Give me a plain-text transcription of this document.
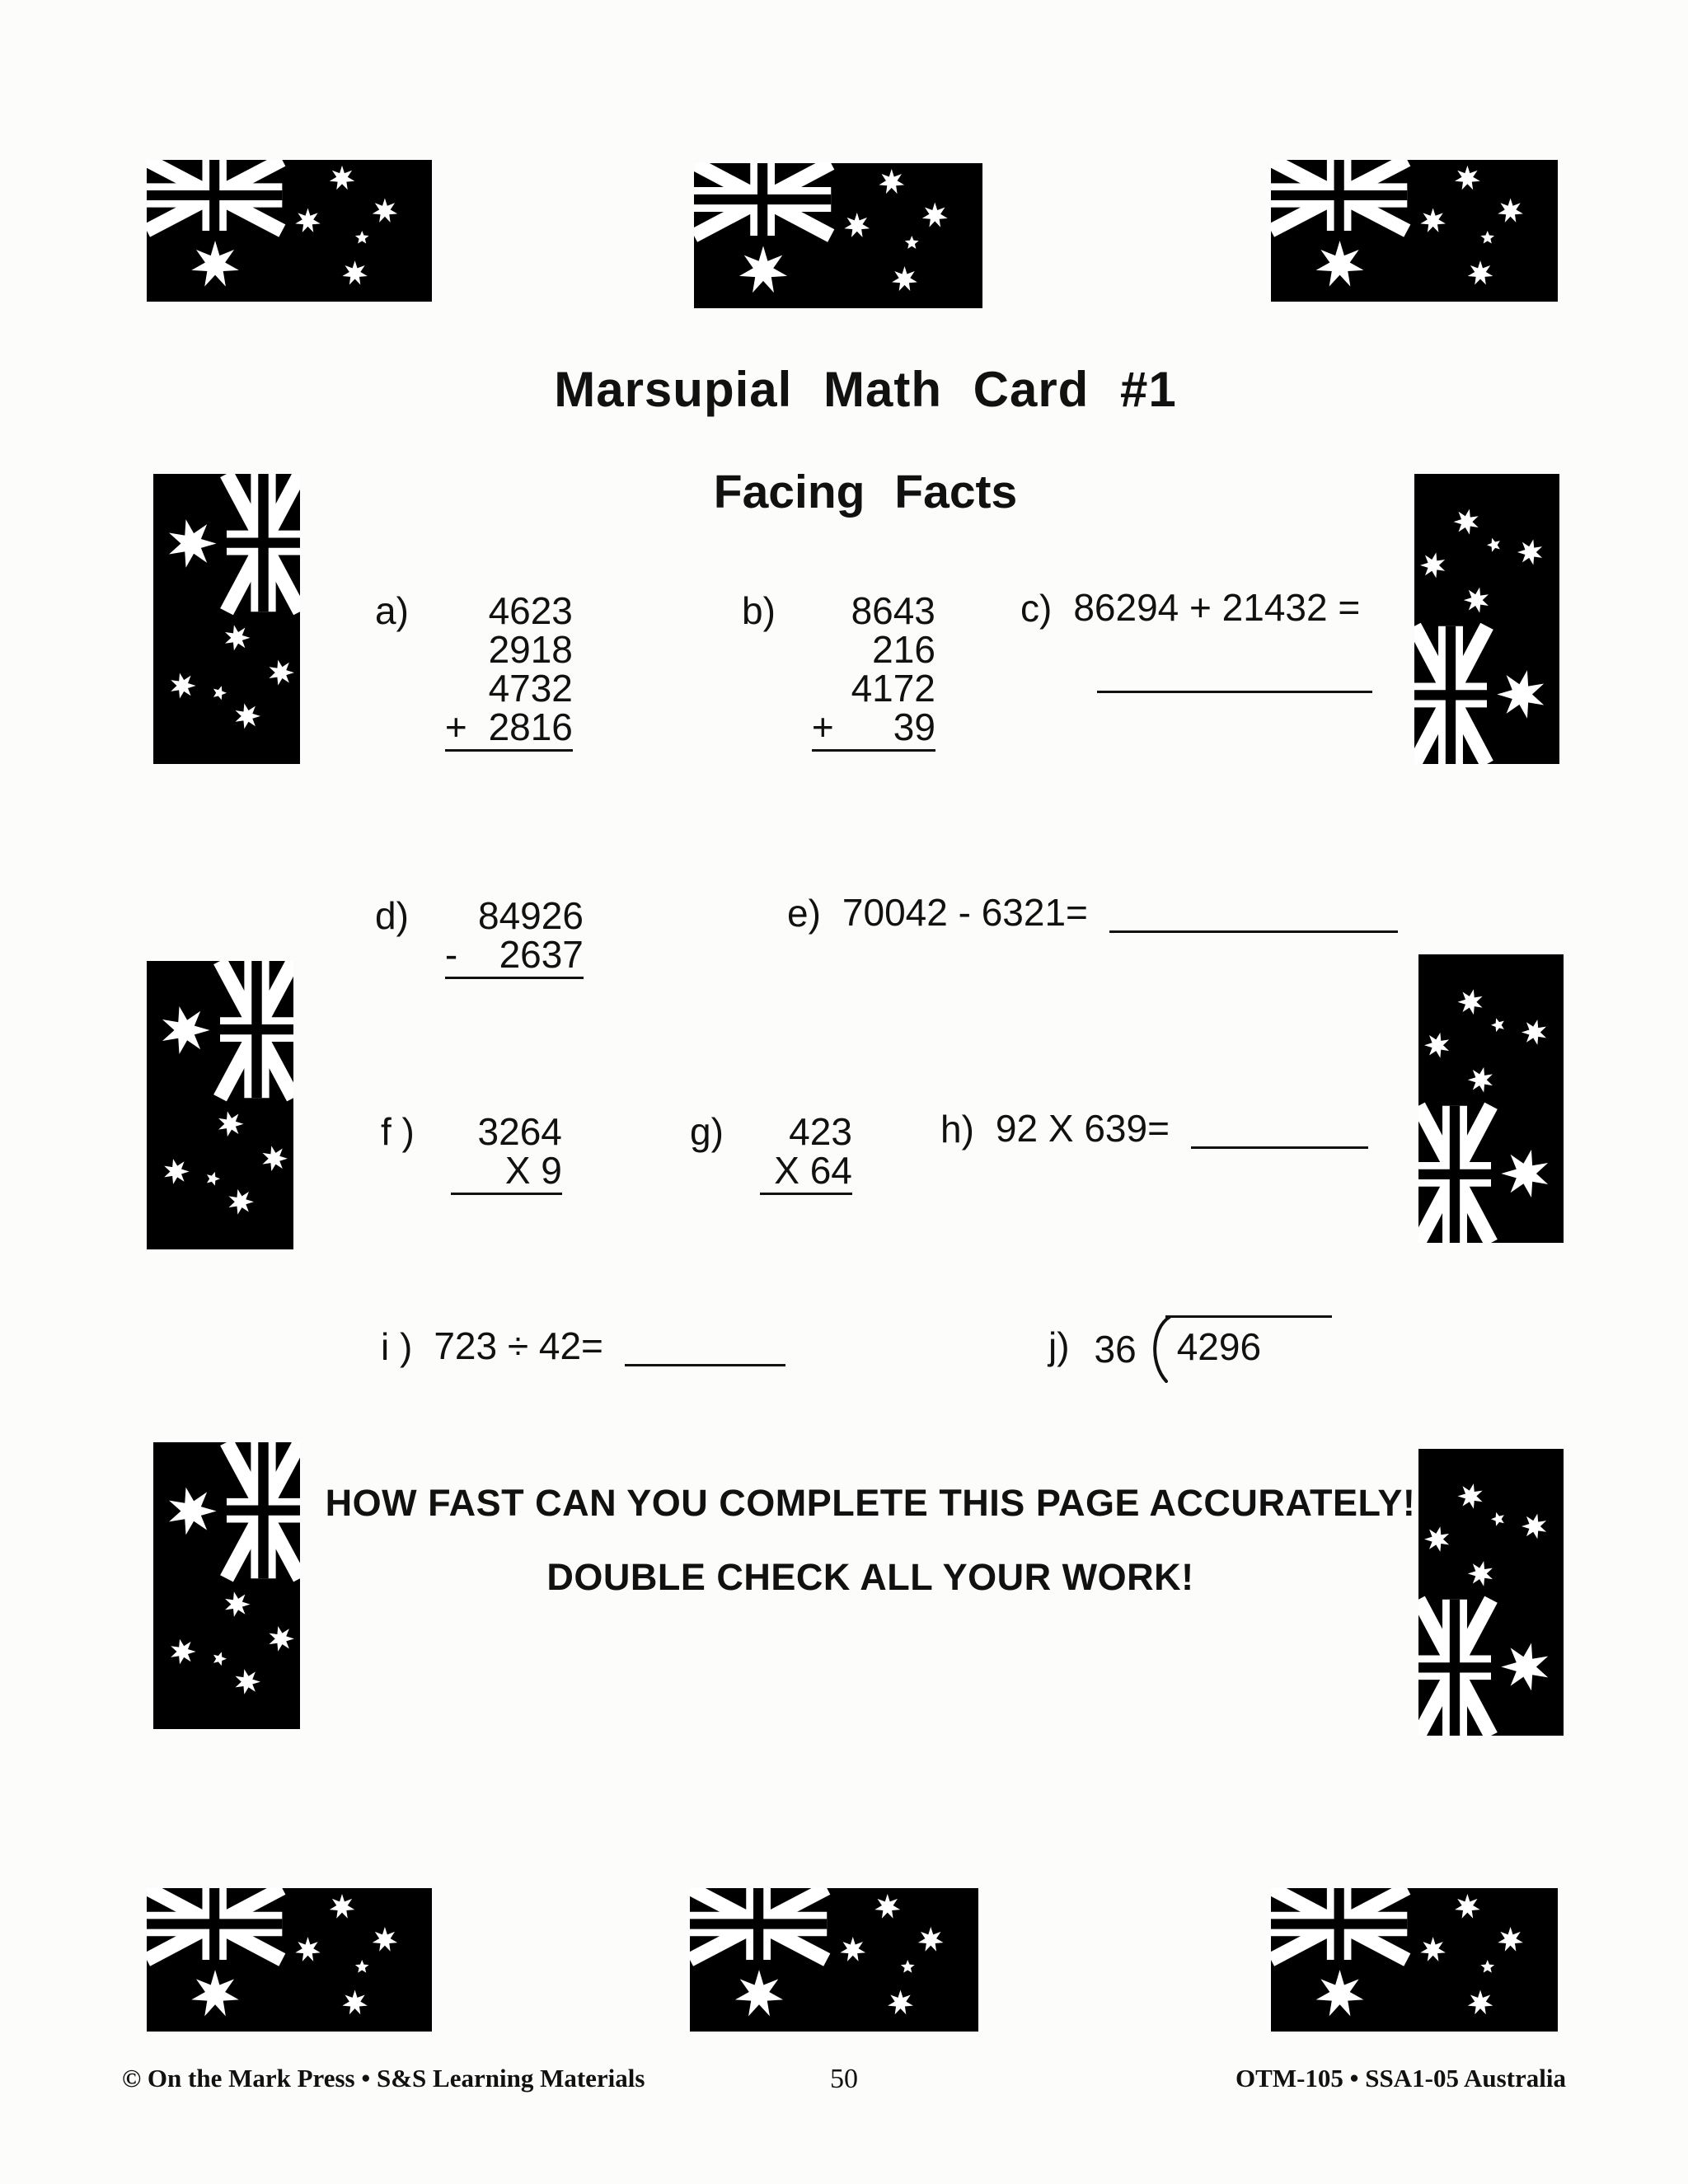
Marsupial Math Card #1
Facing Facts
a)	4623
2918
4732
+ 2816
b)	8643
216
4172
+ 39
c) 86294 + 21432 =
d)	84926
- 2637
e) 70042 - 6321=
f )	3264
X 9
g)	423
X 64
h) 92 X 639=
i ) 723 ÷ 42=	j) 36	4296
HOW FAST CAN YOU COMPLETE THIS PAGE ACCURATELY!
DOUBLE CHECK ALL YOUR WORK!
© On the Mark Press • S&S Learning Materials	50	OTM-105 • SSA1-05 Australia
